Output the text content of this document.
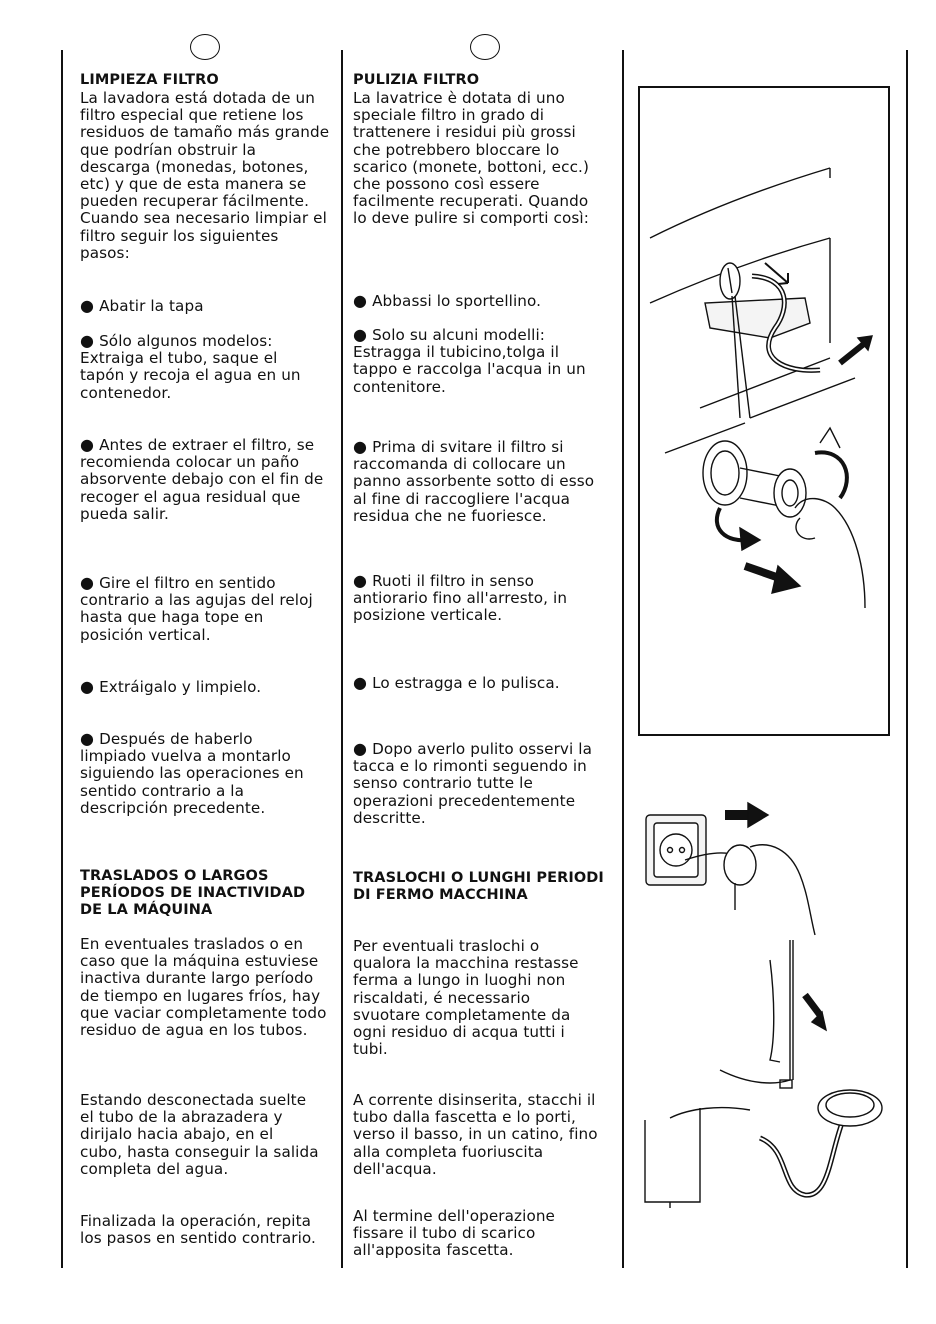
LIMPIEZA FILTRO
La lavadora está dotada de un filtro especial que retiene los residuos de tamaño más grande que podrían obstruir la descarga (monedas, botones, etc) y que de esta manera se pueden recuperar fácilmente. Cuando sea necesario limpiar el filtro seguir los siguientes pasos:
● Abatir la tapa
● Sólo algunos modelos: Extraiga el tubo, saque el tapón y recoja el agua en un contenedor.
● Antes de extraer el filtro, se recomienda colocar un paño absorvente debajo con el fin de recoger el agua residual que pueda salir.
● Gire el filtro en sentido contrario a las agujas del reloj hasta que haga tope en posición vertical.
● Extráigalo y limpielo.
● Después de haberlo limpiado vuelva a montarlo siguiendo las operaciones en sentido contrario a la descripción precedente.
TRASLADOS O LARGOS PERÍODOS DE INACTIVIDAD DE LA MÁQUINA
En eventuales traslados o en caso que la máquina estuviese inactiva durante largo período de tiempo en lugares fríos, hay que vaciar completamente todo residuo de agua en los tubos.
Estando desconectada suelte el tubo de la abrazadera y dirijalo hacia abajo, en el cubo, hasta conseguir la salida completa del agua.
Finalizada la operación, repita los pasos en sentido contrario.
PULIZIA FILTRO
La lavatrice è dotata di uno speciale filtro in grado di trattenere i residui più grossi che potrebbero bloccare lo scarico (monete, bottoni, ecc.) che possono così essere facilmente recuperati. Quando lo deve pulire si comporti così:
● Abbassi lo sportellino.
● Solo su alcuni modelli: Estragga il tubicino,tolga il tappo e raccolga l'acqua in un contenitore.
● Prima di svitare il filtro si raccomanda di collocare un panno assorbente sotto di esso al fine di raccogliere l'acqua residua che ne fuoriesce.
● Ruoti il filtro in senso antiorario fino all'arresto, in posizione verticale.
● Lo estragga e lo pulisca.
● Dopo averlo pulito osservi la tacca e lo rimonti seguendo in senso contrario tutte le operazioni precedentemente descritte.
TRASLOCHI O LUNGHI PERIODI DI FERMO MACCHINA
Per eventuali traslochi o qualora la macchina restasse ferma a lungo in luoghi non riscaldati, é necessario svuotare completamente da ogni residuo di acqua tutti i tubi.
A corrente disinserita, stacchi il tubo dalla fascetta e lo porti, verso il basso, in un catino, fino alla completa fuoriuscita dell'acqua.
Al termine dell'operazione fissare il tubo di scarico all'apposita fascetta.
